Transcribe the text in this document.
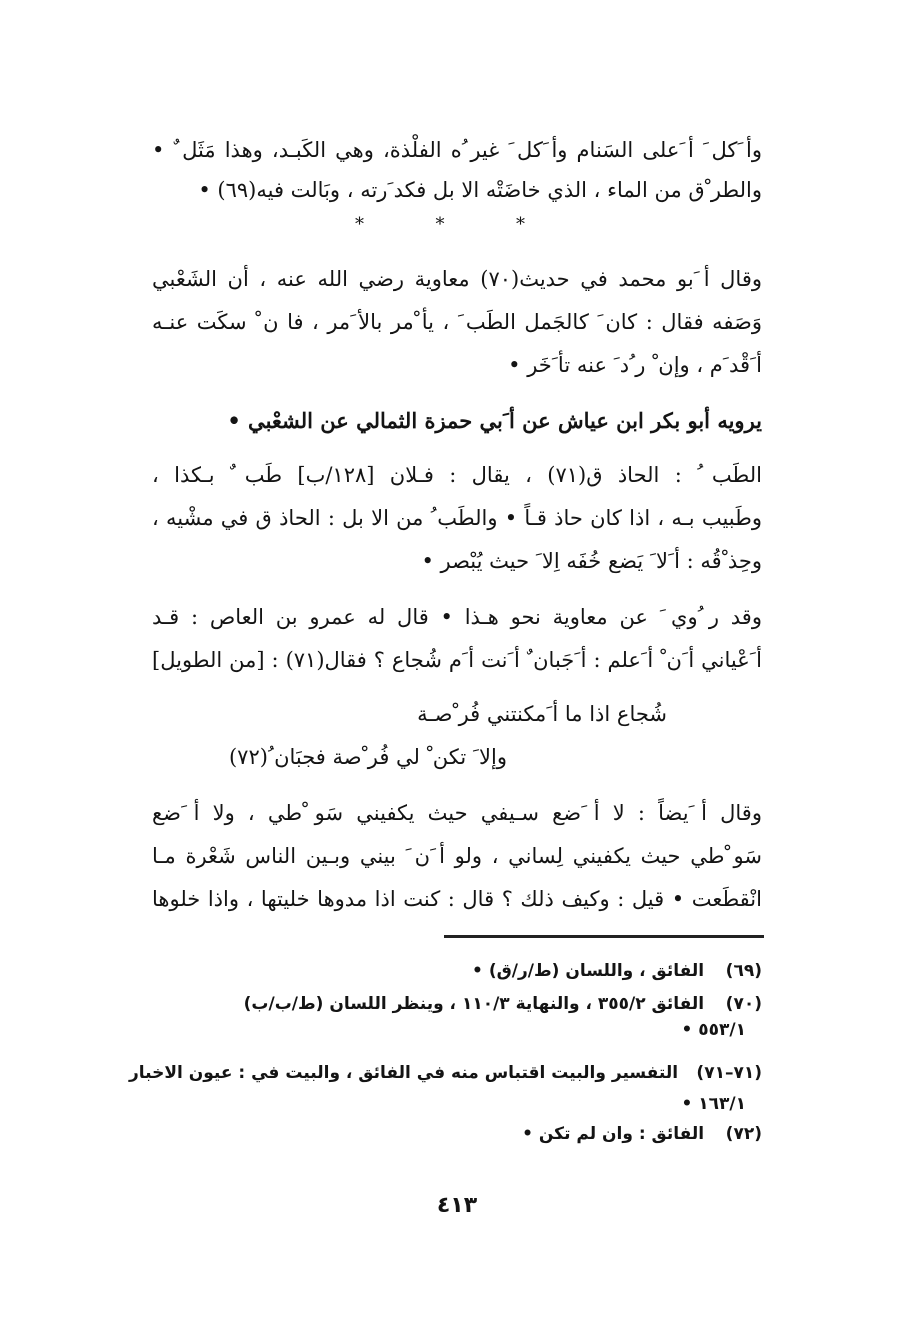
وأ َكل َ أ َعلى السَنام وأ َكل َ غير ُه الفلْذة، وهي الكَبـد، وهذا مَثَل ٌ •
والطر ْق من الماء ، الذي خاضَتْه الا بل فكد َرته ، وبَالت فيه(٦٩) •
*	*	*
وقال أ َبو محمد في حديث(٧٠) معاوية رضي الله عنه ، أن الشَعْبي
وَصَفه فقال : كان َ كالجَمل الطَب َ ، يأ ْمر بالأ َمر ، فا ن ْ سكَت عنـه
أ َقْد َم ، وإن ْ ر ُد َ عنه تأ َخَر •
يرويه أبو بكر ابن عياش عن أ َبي حمزة الثمالي عن الشعْبي •
الطَب ُ : الحاذ ق(٧١) ، يقال : فـلان [١٢٨/ب] طَب ٌ بـكذا ،
وطَبيب بـه ، اذا كان حاذ قـاً • والطَب ُ من الا بل : الحاذ ق في مشْيه ،
وحِذ ْقُه : أ َلا َ يَضع خُفَه اِلا َ حيث يُبْصر •
وقد ر ُوي َ عن معاوية نحو هـذا • قال له عمرو بن العاص : قـد
أ َعْياني أ َن ْ أ َعلم : أ َجَبان ٌ أ َنت أ َم شُجاع ؟ فقال(٧١) : [من الطويل]
شُجاع اذا ما أ َمكنتني فُر ْصـة
وإلا َ تكن ْ لي فُر ْصة فجبَان ُ(٧٢)
وقال أ َيضاً : لا أ َضع سـيفي حيث يكفيني سَو ْطي ، ولا أ َضع
سَو ْطي حيث يكفيني لِساني ، ولو أ َن َ بيني وبـين الناس شَعْرة مـا
انْقطَعت • قيل : وكيف ذلك ؟ قال : كنت اذا مدوها خليتها ، واذا خلوها
(٦٩) الفائق ، واللسان (ط/ر/ق) •
(٧٠) الفائق ٣٥٥/٢ ، والنهاية ١١٠/٣ ، وينظر اللسان (ط/ب/ب)
٥٥٣/١ •
(٧١–٧١) التفسير والبيت اقتباس منه في الفائق ، والبيت في : عيون الاخبار
١٦٣/١ •
(٧٢) الفائق : وان لم تكن •
٤١٣
